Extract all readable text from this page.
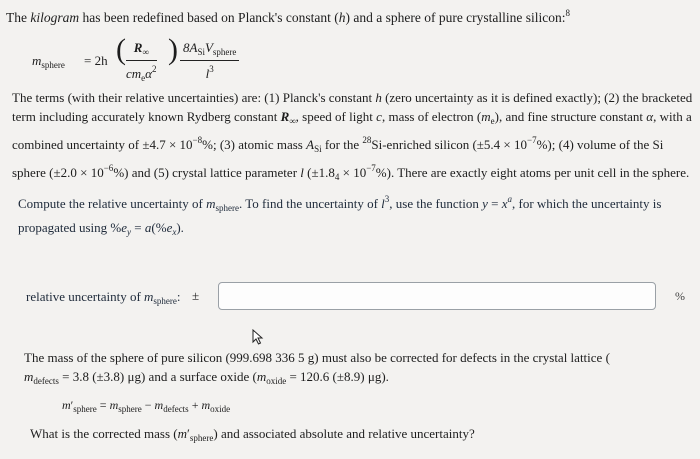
The kilogram has been redefined based on Planck's constant (h) and a sphere of pure crystalline silicon:$^8$
$m_{sphere} = 2h$ ( $R_\infty$
$cm_e\alpha^2$
) $8A_{Si}V_{sphere}$
$l^3$
The terms (with their relative uncertainties) are: (1) Planck's constant h (zero uncertainty as it is defined exactly); (2) the bracketed term including accurately known Rydberg constant $R_\infty$, speed of light c, mass of electron $(m_e)$, and fine structure constant α, with a combined uncertainty of $\pm 4.7 \times 10^{-8}\%$; (3) atomic mass $A_{Si}$ for the $^{28}$Si-enriched silicon $(\pm 5.4 \times 10^{-7}\%)$; (4) volume of the Si sphere $(\pm 2.0 \times 10^{-6}\%)$ and (5) crystal lattice parameter l $(\pm 1.8_4 \times 10^{-7}\%)$. There are exactly eight atoms per unit cell in the sphere.
Compute the relative uncertainty of $m_{sphere}$. To find the uncertainty of $l^3$, use the function $y = x^a$, for which the uncertainty is propagated using $\%e_y = a(\%e_x)$.
relative uncertainty of $m_{sphere}$: ±	%
The mass of the sphere of pure silicon (999.698 336 5 g) must also be corrected for defects in the crystal lattice (
$m_{defects} = 3.8$ (±3.8) μg) and a surface oxide ($m_{oxide} = 120.6$ (±8.9) μg).
$m'_{sphere} = m_{sphere} - m_{defects} + m_{oxide}$
What is the corrected mass $(m'_{sphere})$ and associated absolute and relative uncertainty?
